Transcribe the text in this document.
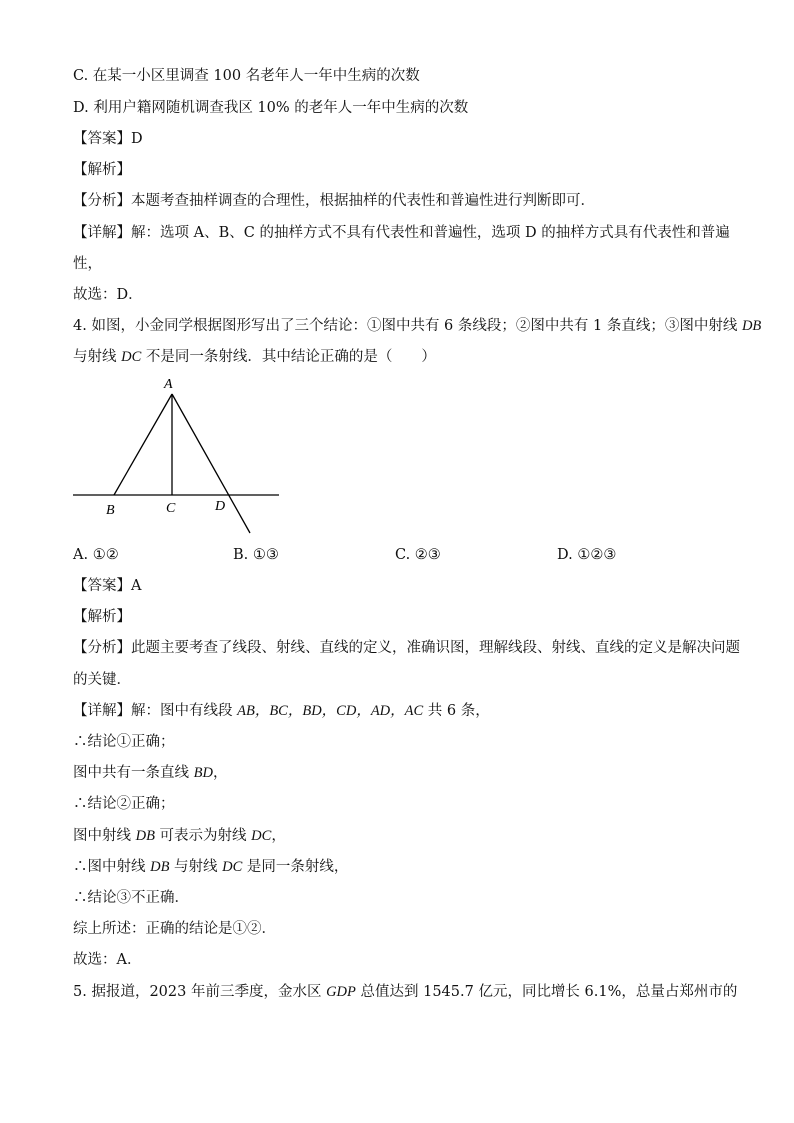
C. 在某一小区里调查 100 名老年人一年中生病的次数
D. 利用户籍网随机调查我区 10% 的老年人一年中生病的次数
【答案】D
【解析】
【分析】本题考查抽样调查的合理性，根据抽样的代表性和普遍性进行判断即可．
【详解】解：选项 A、B、C 的抽样方式不具有代表性和普遍性，选项 D 的抽样方式具有代表性和普遍
性，
故选：D．
4. 如图，小金同学根据图形写出了三个结论：①图中共有 6 条线段；②图中共有 1 条直线；③图中射线 DB
与射线 DC 不是同一条射线．其中结论正确的是（　　）
A
B	C	D
A. ①②	B. ①③	C. ②③	D. ①②③
【答案】A
【解析】
【分析】此题主要考查了线段、射线、直线的定义，准确识图，理解线段、射线、直线的定义是解决问题
的关键．
【详解】解：图中有线段 AB，BC，BD，CD，AD，AC 共 6 条，
∴结论①正确；
图中共有一条直线 BD，
∴结论②正确；
图中射线 DB 可表示为射线 DC，
∴图中射线 DB 与射线 DC 是同一条射线，
∴结论③不正确．
综上所述：正确的结论是①②．
故选：A．
5. 据报道，2023 年前三季度，金水区 GDP 总值达到 1545.7 亿元，同比增长 6.1%，总量占郑州市的
